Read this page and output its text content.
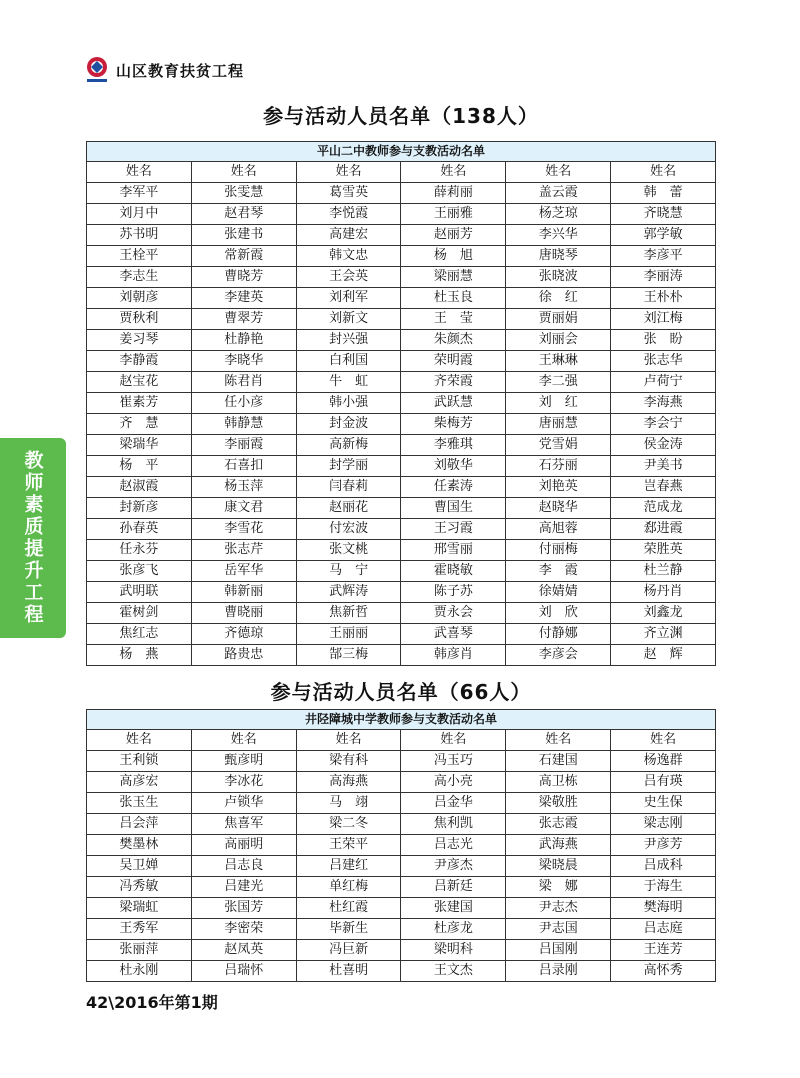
山区教育扶贫工程
教师素质提升工程
参与活动人员名单（138人）
平山二中教师参与支教活动名单					
姓名	姓名	姓名	姓名	姓名	姓名
李军平	张雯慧	葛雪英	薛莉丽	盖云霞	韩　蕾
刘月中	赵君琴	李悦霞	王丽雅	杨芝琼	齐晓慧
苏书明	张建书	高建宏	赵丽芳	李兴华	郭学敏
王栓平	常新霞	韩文忠	杨　旭	唐晓琴	李彦平
李志生	曹晓芳	王会英	梁丽慧	张晓波	李丽涛
刘朝彦	李建英	刘利军	杜玉良	徐　红	王朴朴
贾秋利	曹翠芳	刘新文	王　莹	贾丽娟	刘江梅
姜习琴	杜静艳	封兴强	朱颜杰	刘丽会	张　盼
李静霞	李晓华	白利国	荣明霞	王琳琳	张志华
赵宝花	陈君肖	牛　虹	齐荣霞	李二强	卢荷宁
崔素芳	任小彦	韩小强	武跃慧	刘　红	李海燕
齐　慧	韩静慧	封金波	柴梅芳	唐丽慧	李会宁
梁瑞华	李丽霞	高新梅	李雅琪	党雪娟	侯金涛
杨　平	石喜扣	封学丽	刘敬华	石芬丽	尹美书
赵淑霞	杨玉萍	闫春莉	任素涛	刘艳英	岂春燕
封新彦	康文君	赵丽花	曹国生	赵晓华	范成龙
孙春英	李雪花	付宏波	王习霞	高旭蓉	郄进霞
任永芬	张志芹	张文桃	邢雪丽	付丽梅	荣胜英
张彦飞	岳军华	马　宁	霍晓敏	李　霞	杜兰静
武明联	韩新丽	武辉涛	陈子苏	徐婧婧	杨丹肖
霍树剑	曹晓丽	焦新哲	贾永会	刘　欣	刘鑫龙
焦红志	齐德琼	王丽丽	武喜琴	付静娜	齐立渊
杨　燕	路贵忠	郜三梅	韩彦肖	李彦会	赵　辉
参与活动人员名单（66人）
井陉障城中学教师参与支教活动名单					
姓名	姓名	姓名	姓名	姓名	姓名
王利锁	甄彦明	梁有科	冯玉巧	石建国	杨逸群
高彦宏	李冰花	高海燕	高小亮	高卫栋	吕有瑛
张玉生	卢锁华	马　翊	吕金华	梁敬胜	史生保
吕会萍	焦喜军	梁二冬	焦利凯	张志霞	梁志刚
樊墨林	高丽明	王荣平	吕志光	武海燕	尹彦芳
吴卫婵	吕志良	吕建红	尹彦杰	梁晓晨	吕成科
冯秀敏	吕建光	单红梅	吕新廷	梁　娜	于海生
梁瑞虹	张国芳	杜红霞	张建国	尹志杰	樊海明
王秀军	李密荣	毕新生	杜彦龙	尹志国	吕志庭
张丽萍	赵凤英	冯巨新	梁明科	吕国刚	王连芳
杜永刚	吕瑞怀	杜喜明	王文杰	吕录刚	高怀秀
42\2016年第1期
